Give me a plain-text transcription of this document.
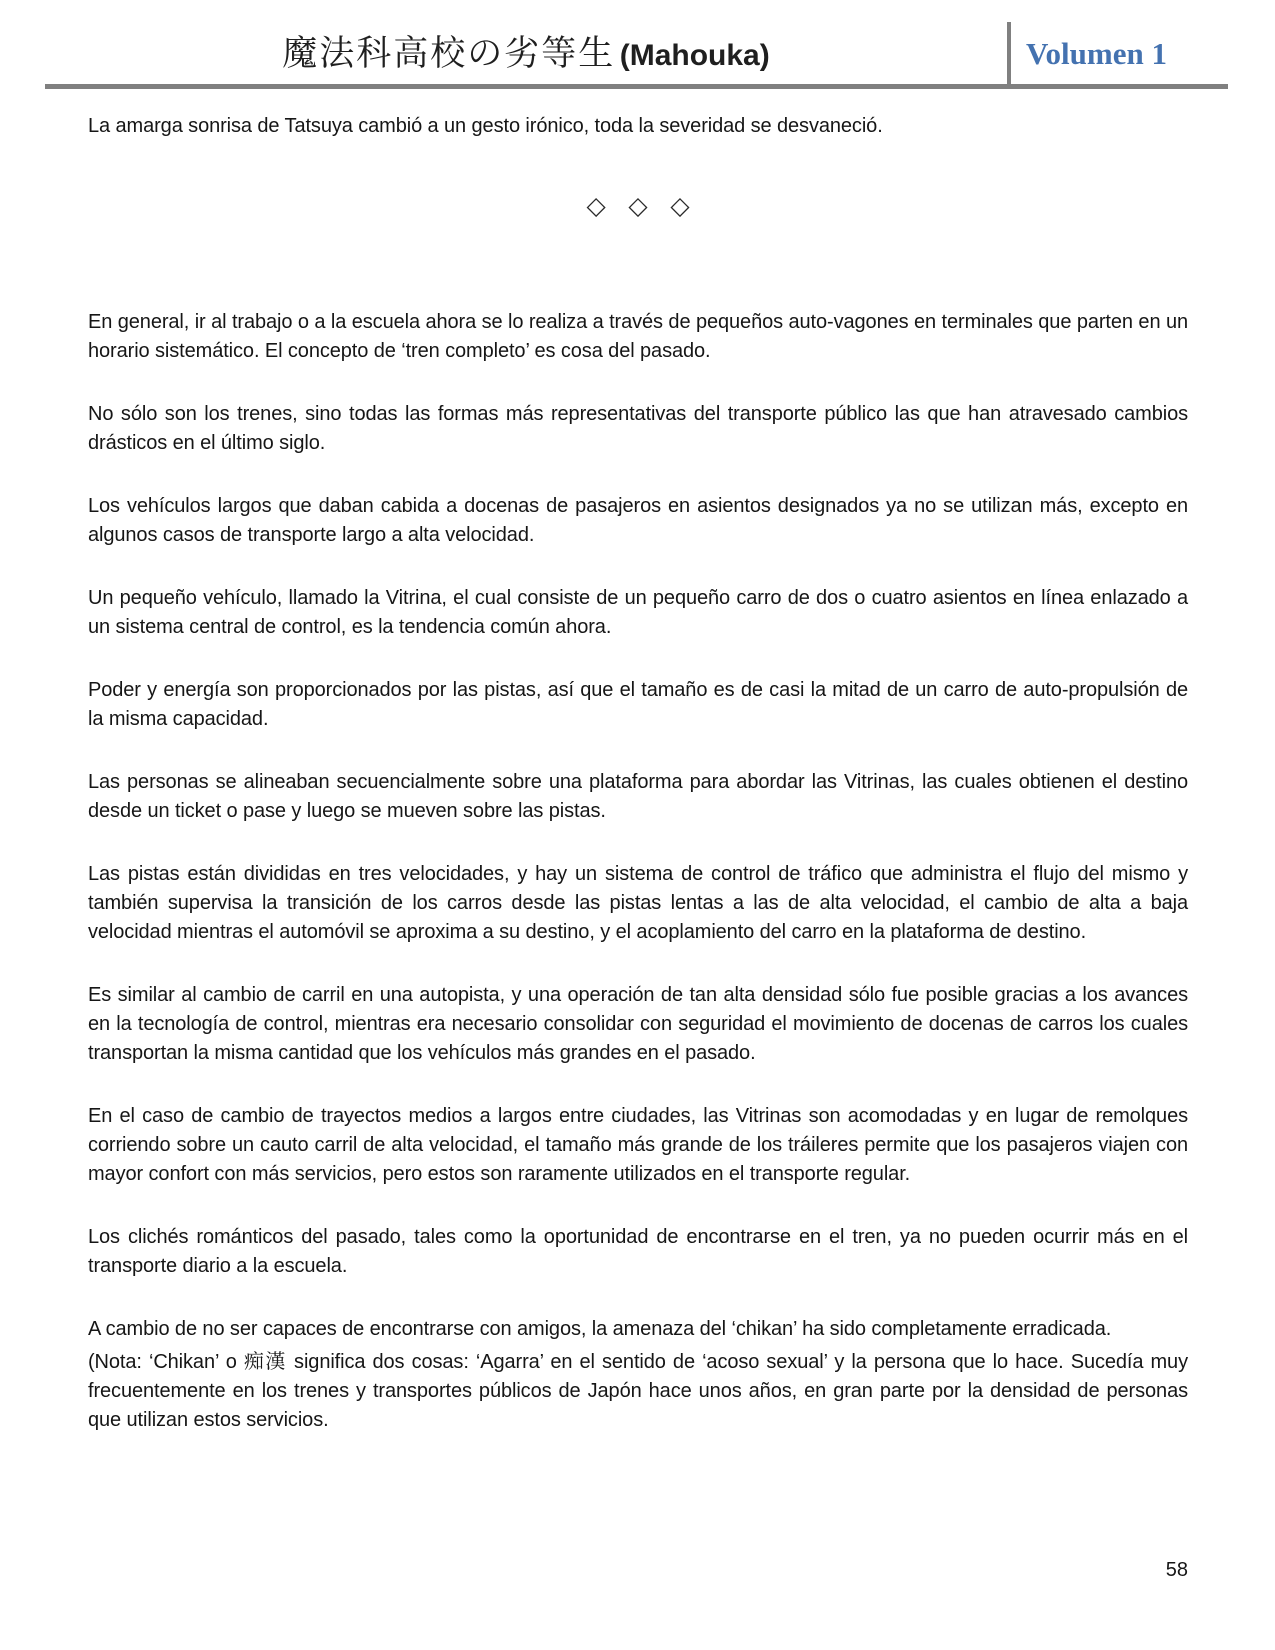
魔法科高校の劣等生 (Mahouka)	Volumen 1

La amarga sonrisa de Tatsuya cambió a un gesto irónico, toda la severidad se desvaneció.

◇ ◇ ◇

En general, ir al trabajo o a la escuela ahora se lo realiza a través de pequeños auto-vagones en terminales que parten en un horario sistemático. El concepto de ‘tren completo’ es cosa del pasado.

No sólo son los trenes, sino todas las formas más representativas del transporte público las que han atravesado cambios drásticos en el último siglo.

Los vehículos largos que daban cabida a docenas de pasajeros en asientos designados ya no se utilizan más, excepto en algunos casos de transporte largo a alta velocidad.

Un pequeño vehículo, llamado la Vitrina, el cual consiste de un pequeño carro de dos o cuatro asientos en línea enlazado a un sistema central de control, es la tendencia común ahora.

Poder y energía son proporcionados por las pistas, así que el tamaño es de casi la mitad de un carro de auto-propulsión de la misma capacidad.

Las personas se alineaban secuencialmente sobre una plataforma para abordar las Vitrinas, las cuales obtienen el destino desde un ticket o pase y luego se mueven sobre las pistas.

Las pistas están divididas en tres velocidades, y hay un sistema de control de tráfico que administra el flujo del mismo y también supervisa la transición de los carros desde las pistas lentas a las de alta velocidad, el cambio de alta a baja velocidad mientras el automóvil se aproxima a su destino, y el acoplamiento del carro en la plataforma de destino.

Es similar al cambio de carril en una autopista, y una operación de tan alta densidad sólo fue posible gracias a los avances en la tecnología de control, mientras era necesario consolidar con seguridad el movimiento de docenas de carros los cuales transportan la misma cantidad que los vehículos más grandes en el pasado.

En el caso de cambio de trayectos medios a largos entre ciudades, las Vitrinas son acomodadas y en lugar de remolques corriendo sobre un cauto carril de alta velocidad, el tamaño más grande de los tráileres permite que los pasajeros viajen con mayor confort con más servicios, pero estos son raramente utilizados en el transporte regular.

Los clichés románticos del pasado, tales como la oportunidad de encontrarse en el tren, ya no pueden ocurrir más en el transporte diario a la escuela.

A cambio de no ser capaces de encontrarse con amigos, la amenaza del ‘chikan’ ha sido completamente erradicada.

(Nota: ‘Chikan’ o 痴漢 significa dos cosas: ‘Agarra’ en el sentido de ‘acoso sexual’ y la persona que lo hace. Sucedía muy frecuentemente en los trenes y transportes públicos de Japón hace unos años, en gran parte por la densidad de personas que utilizan estos servicios.

58
